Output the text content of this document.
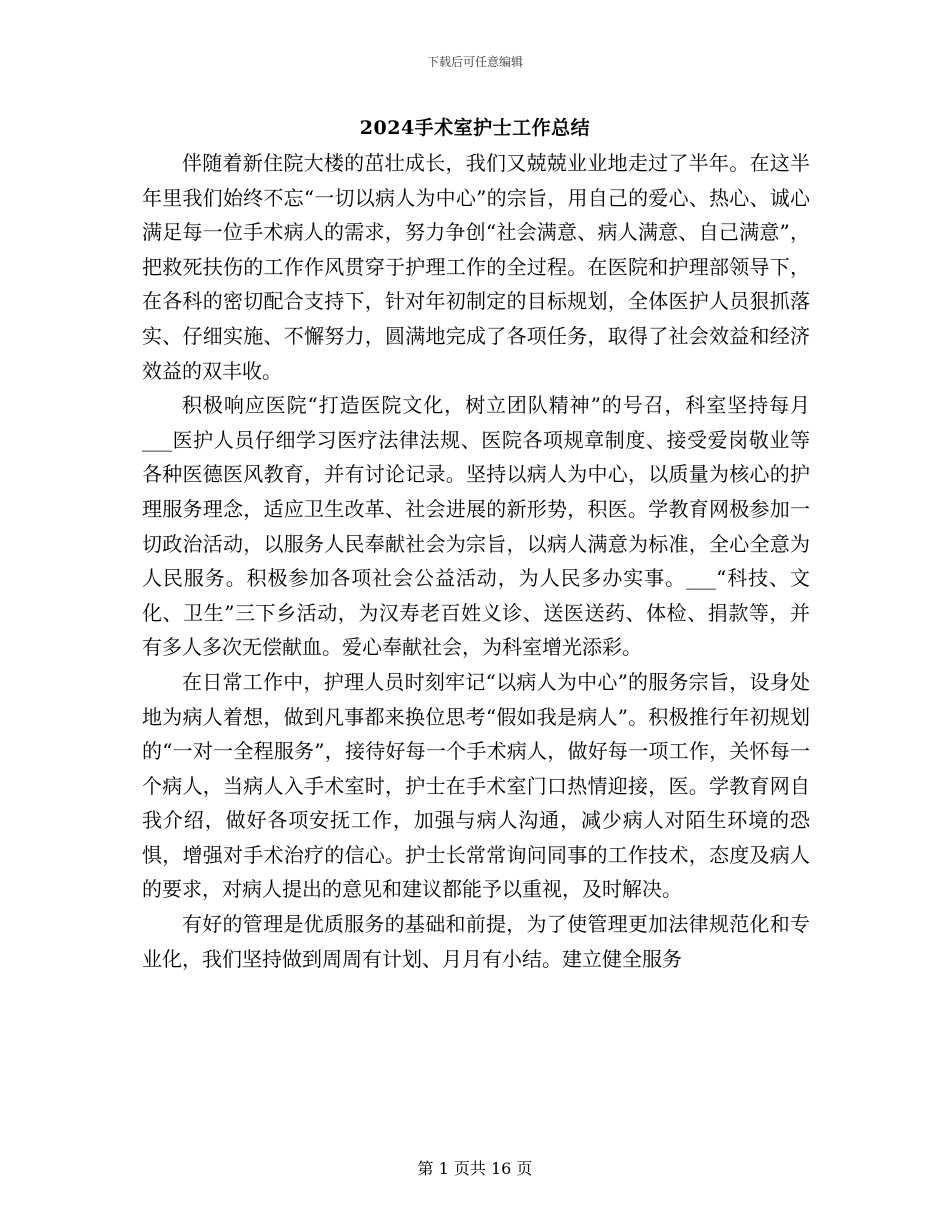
下载后可任意编辑
2024手术室护士工作总结

伴随着新住院大楼的茁壮成长，我们又兢兢业业地走过了半年。在这半年里我们始终不忘“一切以病人为中心”的宗旨，用自己的爱心、热心、诚心满足每一位手术病人的需求，努力争创“社会满意、病人满意、自己满意”，把救死扶伤的工作作风贯穿于护理工作的全过程。在医院和护理部领导下，在各科的密切配合支持下，针对年初制定的目标规划，全体医护人员狠抓落实、仔细实施、不懈努力，圆满地完成了各项任务，取得了社会效益和经济效益的双丰收。

积极响应医院“打造医院文化，树立团队精神”的号召，科室坚持每月___医护人员仔细学习医疗法律法规、医院各项规章制度、接受爱岗敬业等各种医德医风教育，并有讨论记录。坚持以病人为中心，以质量为核心的护理服务理念，适应卫生改革、社会进展的新形势，积医。学教育网极参加一切政治活动，以服务人民奉献社会为宗旨，以病人满意为标准，全心全意为人民服务。积极参加各项社会公益活动，为人民多办实事。___“科技、文化、卫生”三下乡活动，为汉寿老百姓义诊、送医送药、体检、捐款等，并有多人多次无偿献血。爱心奉献社会，为科室增光添彩。

在日常工作中，护理人员时刻牢记“以病人为中心”的服务宗旨，设身处地为病人着想，做到凡事都来换位思考“假如我是病人”。积极推行年初规划的“一对一全程服务”，接待好每一个手术病人，做好每一项工作，关怀每一个病人，当病人入手术室时，护士在手术室门口热情迎接，医。学教育网自我介绍，做好各项安抚工作，加强与病人沟通，减少病人对陌生环境的恐惧，增强对手术治疗的信心。护士长常常询问同事的工作技术，态度及病人的要求，对病人提出的意见和建议都能予以重视，及时解决。

有好的管理是优质服务的基础和前提，为了使管理更加法律规范化和专业化，我们坚持做到周周有计划、月月有小结。建立健全服务

第 1 页共 16 页
